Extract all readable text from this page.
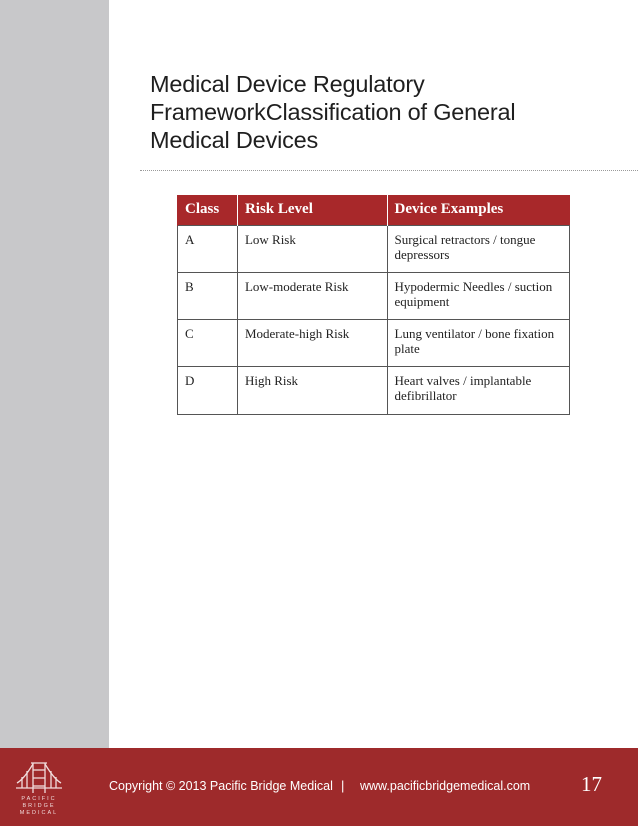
Medical Device Regulatory FrameworkClassification of General Medical Devices
Class	Risk Level	Device Examples
A	Low Risk	Surgical retractors / tongue depressors
B	Low-moderate Risk	Hypodermic Needles / suction equipment
C	Moderate-high Risk	Lung ventilator / bone fixation plate
D	High Risk	Heart valves / implantable defibrillator
PACIFIC
BRIDGE
MEDICAL
Copyright © 2013 Pacific Bridge Medical | www.pacificbridgemedical.com 17
